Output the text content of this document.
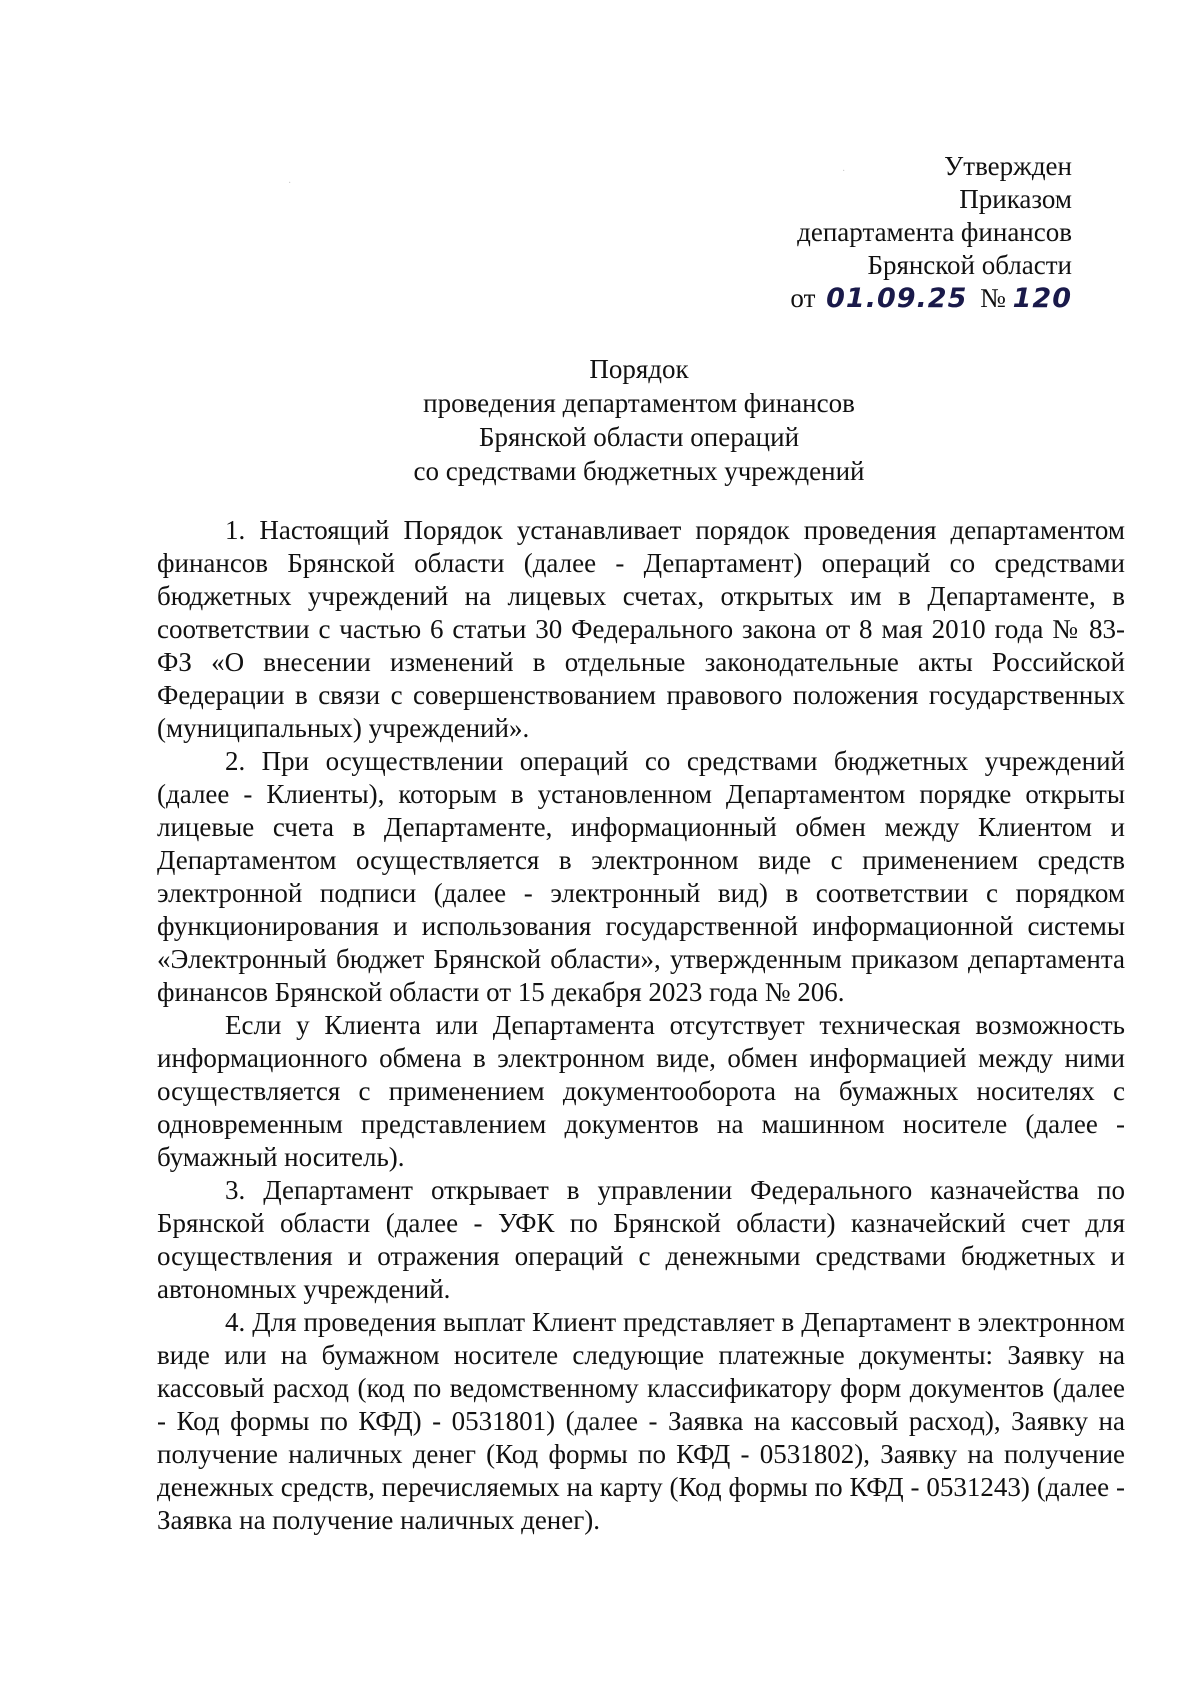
·
·	Утвержден
Приказом
департамента финансов
Брянской области
от 01.09.25 № 120
Порядок
проведения департаментом финансов
Брянской области операций
со средствами бюджетных учреждений

1. Настоящий Порядок устанавливает порядок проведения департаментом финансов Брянской области (далее - Департамент) операций со средствами бюджетных учреждений на лицевых счетах, открытых им в Департаменте, в соответствии с частью 6 статьи 30 Федерального закона от 8 мая 2010 года № 83-ФЗ «О внесении изменений в отдельные законодательные акты Российской Федерации в связи с совершенствованием правового положения государственных (муниципальных) учреждений».

2. При осуществлении операций со средствами бюджетных учреждений (далее - Клиенты), которым в установленном Департаментом порядке открыты лицевые счета в Департаменте, информационный обмен между Клиентом и Департаментом осуществляется в электронном виде с применением средств электронной подписи (далее - электронный вид) в соответствии с порядком функционирования и использования государственной информационной системы «Электронный бюджет Брянской области», утвержденным приказом департамента финансов Брянской области от 15 декабря 2023 года № 206.

Если у Клиента или Департамента отсутствует техническая возможность информационного обмена в электронном виде, обмен информацией между ними осуществляется с применением документооборота на бумажных носителях с одновременным представлением документов на машинном носителе (далее - бумажный носитель).

3. Департамент открывает в управлении Федерального казначейства по Брянской области (далее - УФК по Брянской области) казначейский счет для осуществления и отражения операций с денежными средствами бюджетных и автономных учреждений.

4. Для проведения выплат Клиент представляет в Департамент в электронном виде или на бумажном носителе следующие платежные документы: Заявку на кассовый расход (код по ведомственному классификатору форм документов (далее - Код формы по КФД) - 0531801) (далее - Заявка на кассовый расход), Заявку на получение наличных денег (Код формы по КФД - 0531802), Заявку на получение денежных средств, перечисляемых на карту (Код формы по КФД - 0531243) (далее - Заявка на получение наличных денег).
